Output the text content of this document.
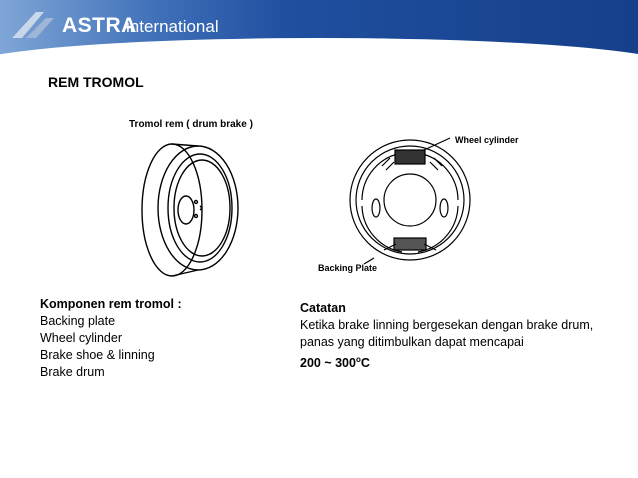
ASTRA
international
REM TROMOL
Tromol rem ( drum brake )
Wheel cylinder
Backing Plate
Komponen rem tromol :
Backing plate
Wheel cylinder
Brake shoe & linning
Brake drum
Catatan
Ketika brake linning bergesekan dengan brake drum, panas yang ditimbulkan dapat mencapai
200 ~ 300$^o$C
